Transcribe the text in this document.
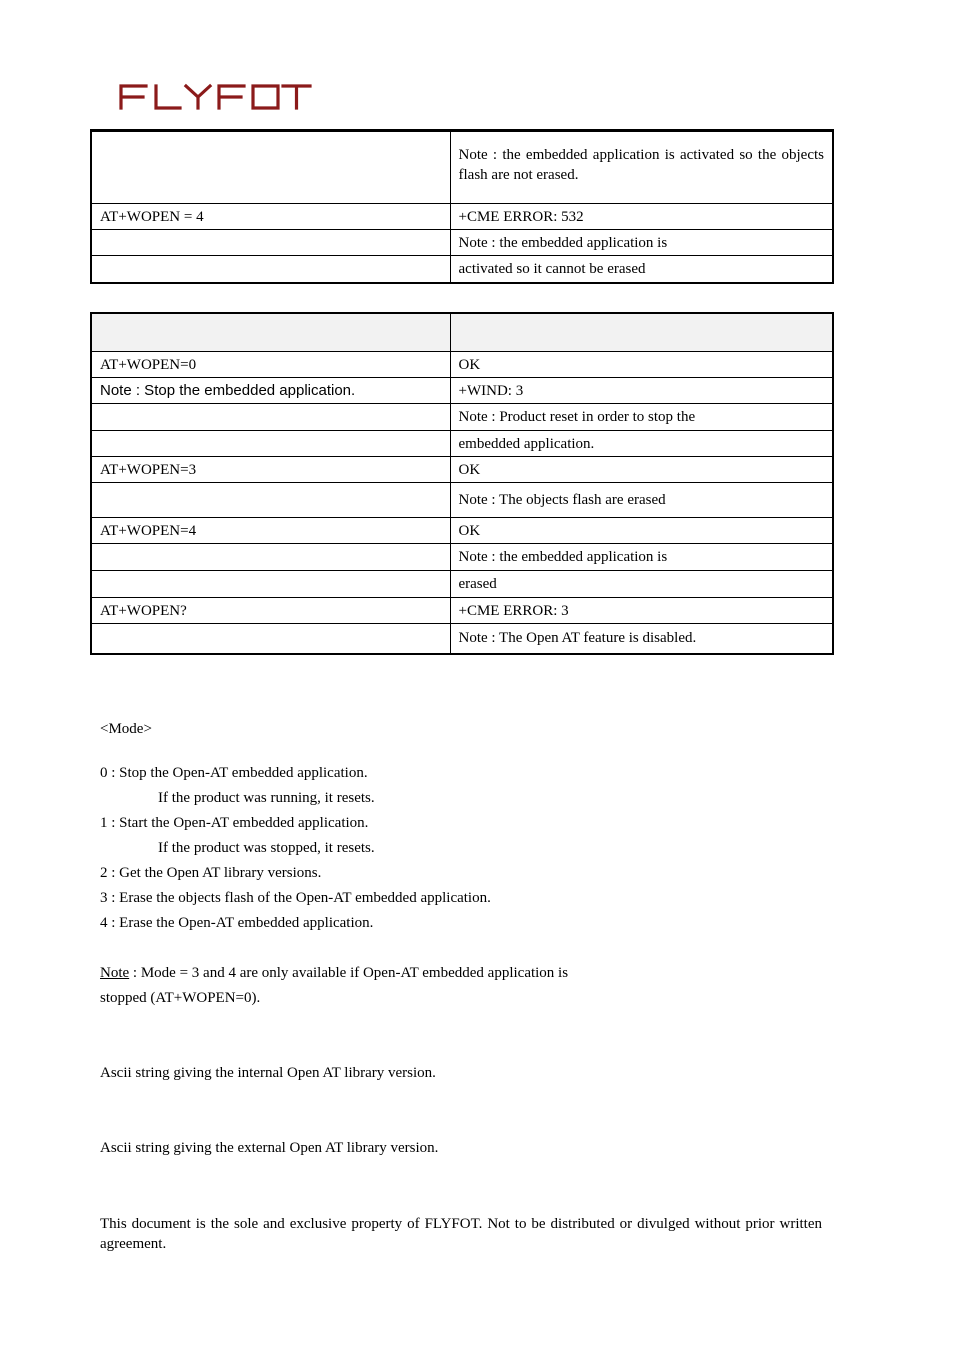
	Note : the embedded application is activated so the objects flash are not erased.
AT+WOPEN = 4	+CME ERROR: 532
	Note : the embedded application is
	activated so it cannot be erased

AT+WOPEN=0	OK
Note : Stop the embedded application.	+WIND: 3
	Note : Product reset in order to stop the
	embedded application.
AT+WOPEN=3	OK
	Note : The objects flash are erased
AT+WOPEN=4	OK
	Note : the embedded application is
	erased
AT+WOPEN?	+CME ERROR: 3
	Note : The Open AT feature is disabled.
<Mode>
0 : Stop the Open-AT embedded application.
If the product was running, it resets.
1 : Start the Open-AT embedded application.
If the product was stopped, it resets.
2 : Get the Open AT library versions.
3 : Erase the objects flash of the Open-AT embedded application.
4 : Erase the Open-AT embedded application.
Note : Mode = 3 and 4 are only available if Open-AT embedded application is
stopped (AT+WOPEN=0).
Ascii string giving the internal Open AT library version.
Ascii string giving the external Open AT library version.
This document is the sole and exclusive property of FLYFOT. Not to be distributed or divulged without prior written agreement.
